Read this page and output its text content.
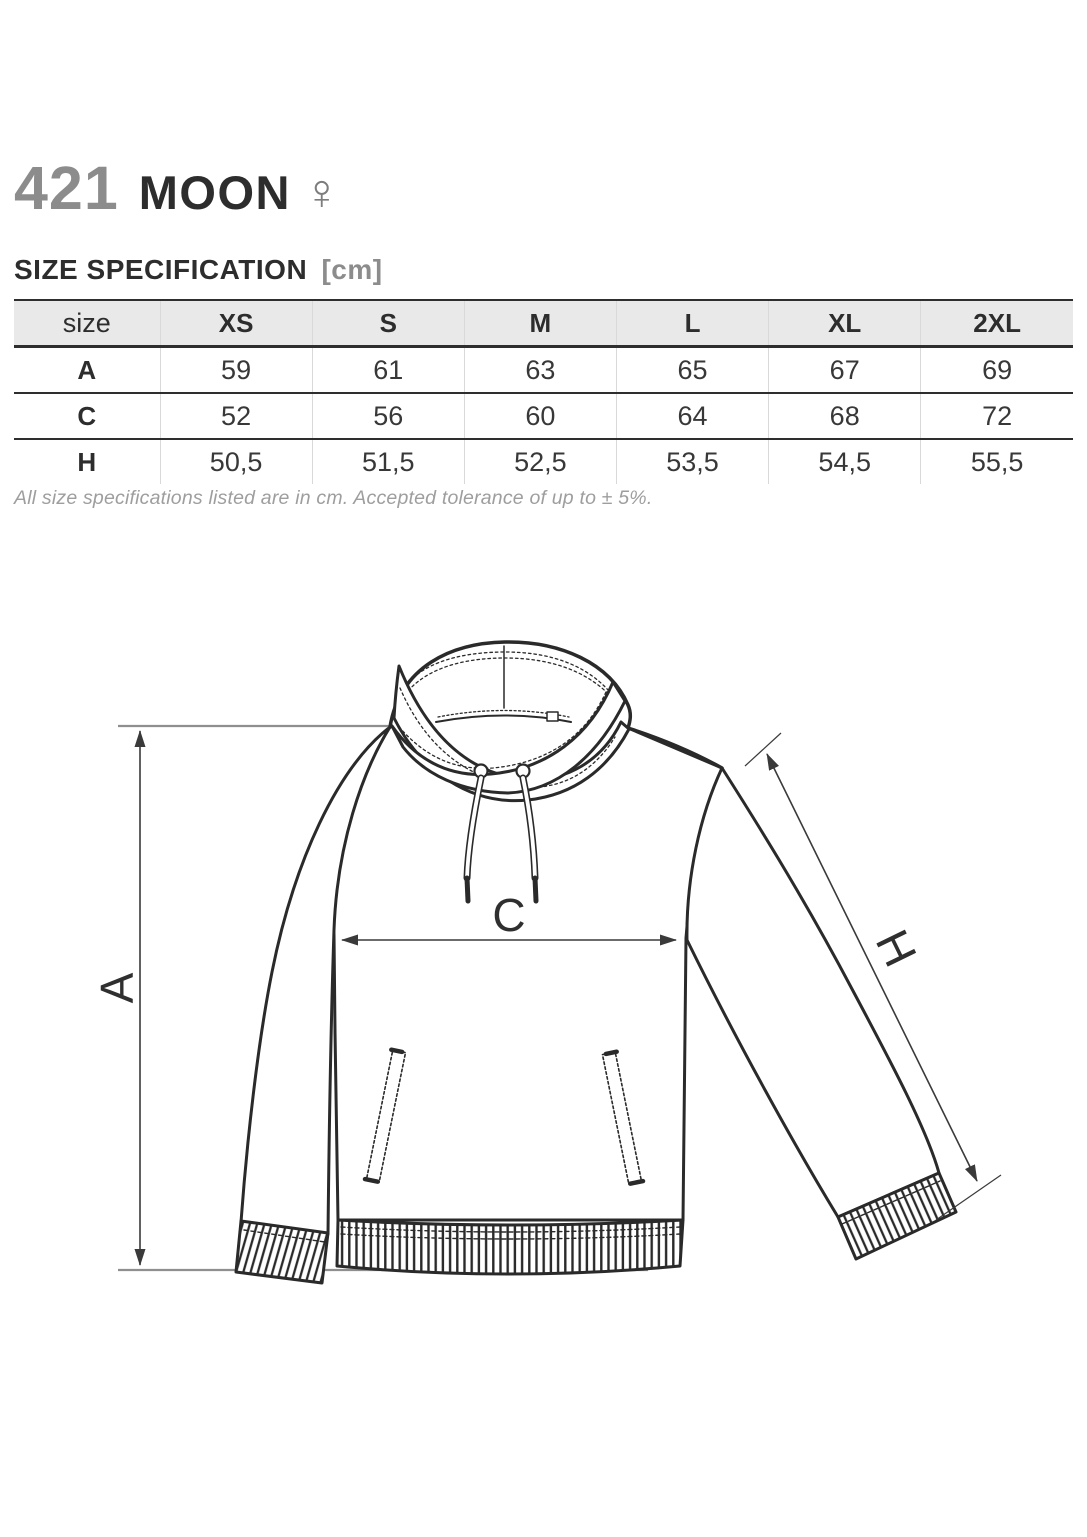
421 MOON ♀
SIZE SPECIFICATION [cm]
size	XS	S	M	L	XL	2XL
A	59	61	63	65	67	69
C	52	56	60	64	68	72
H	50,5	51,5	52,5	53,5	54,5	55,5
All size specifications listed are in cm. Accepted tolerance of up to ± 5%.
A
C
H
